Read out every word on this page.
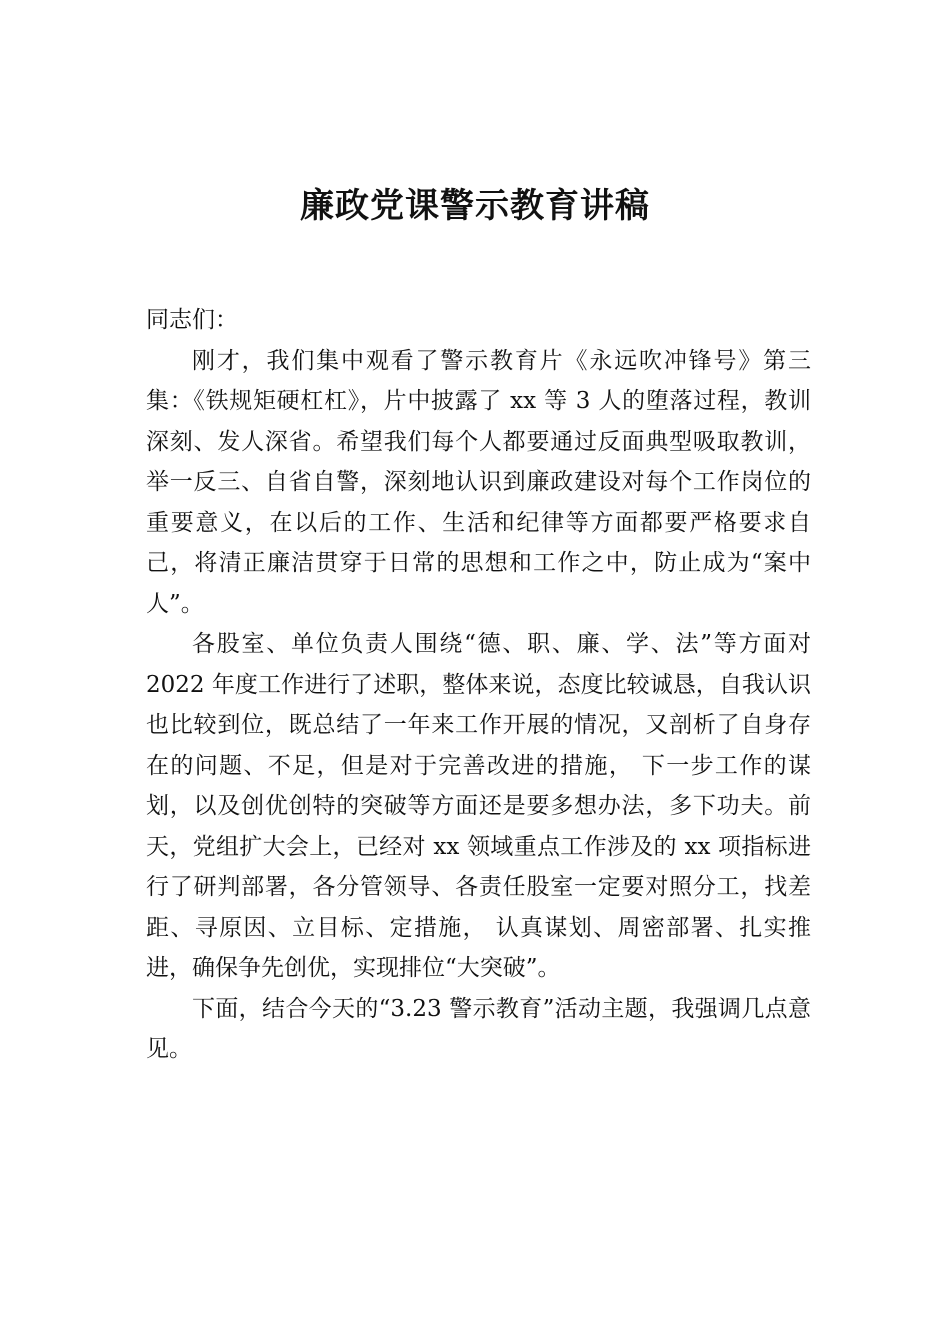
廉政党课警示教育讲稿

同志们：

刚才，我们集中观看了警示教育片《永远吹冲锋号》第三集：《铁规矩硬杠杠》，片中披露了 xx 等 3 人的堕落过程，教训深刻、发人深省。希望我们每个人都要通过反面典型吸取教训，举一反三、自省自警，深刻地认识到廉政建设对每个工作岗位的重要意义，在以后的工作、生活和纪律等方面都要严格要求自己，将清正廉洁贯穿于日常的思想和工作之中，防止成为“案中人”。

各股室、单位负责人围绕“德、职、廉、学、法”等方面对 2022 年度工作进行了述职，整体来说，态度比较诚恳，自我认识也比较到位，既总结了一年来工作开展的情况，又剖析了自身存在的问题、不足，但是对于完善改进的措施， 下一步工作的谋划，以及创优创特的突破等方面还是要多想办法，多下功夫。前天，党组扩大会上，已经对 xx 领域重点工作涉及的 xx 项指标进行了研判部署，各分管领导、各责任股室一定要对照分工，找差距、寻原因、立目标、定措施， 认真谋划、周密部署、扎实推进，确保争先创优，实现排位“大突破”。

下面，结合今天的“3.23 警示教育”活动主题，我强调几点意见。
